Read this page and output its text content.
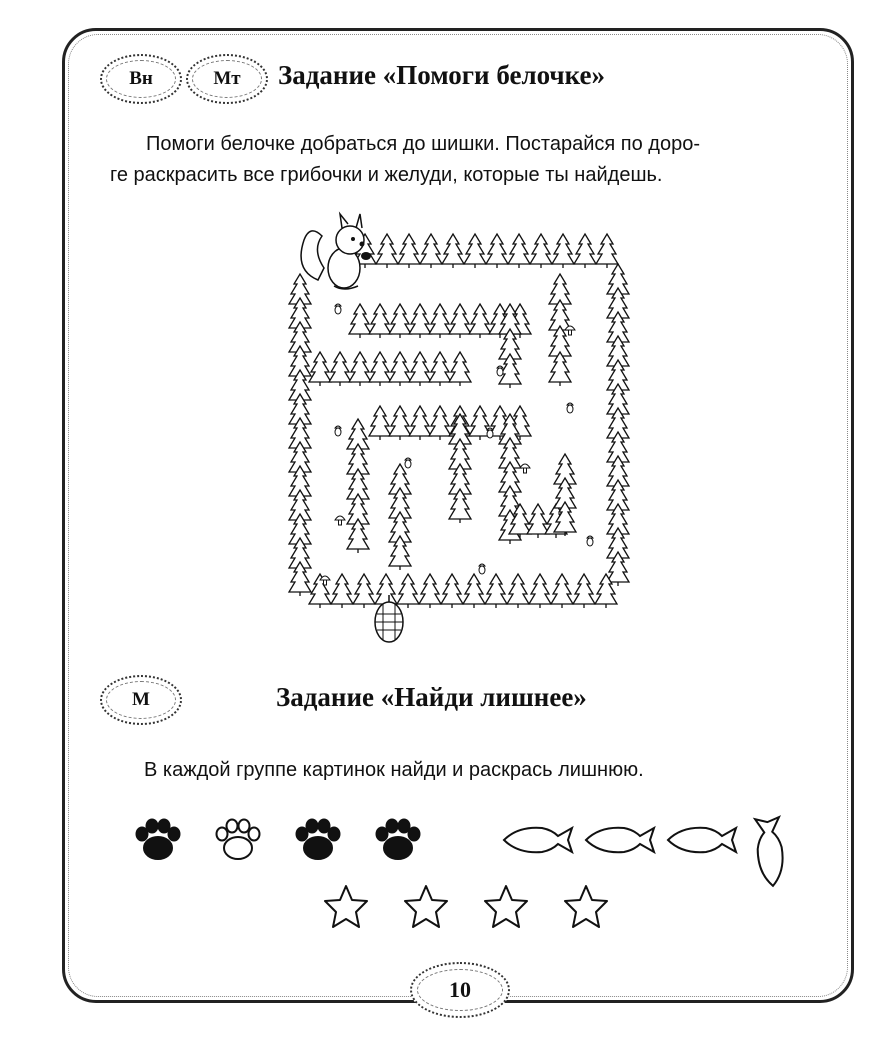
Вн	Мт	Задание «Помоги белочке»
Помоги белочке добраться до шишки. Постарайся по доро-
ге раскрасить все грибочки и желуди, которые ты найдешь.
М	Задание «Найди лишнее»
В каждой группе картинок найди и раскрась лишнюю.
10
